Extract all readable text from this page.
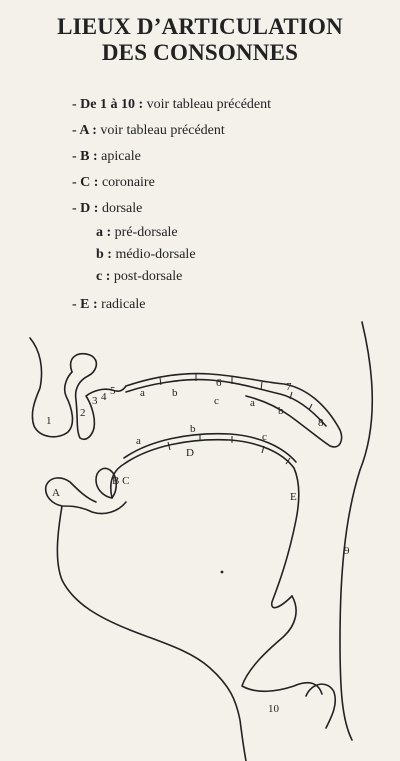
LIEUX D’ARTICULATION
DES CONSONNES
- De 1 à 10 : voir tableau précédent
- A : voir tableau précédent
- B : apicale
- C : coronaire
- D : dorsale
a : pré-dorsale
b : médio-dorsale
c : post-dorsale
- E : radicale
1
2
3 4 5
6	7
8
9
10
A
B C
D
E
a b
c	a
b
a
b
c
